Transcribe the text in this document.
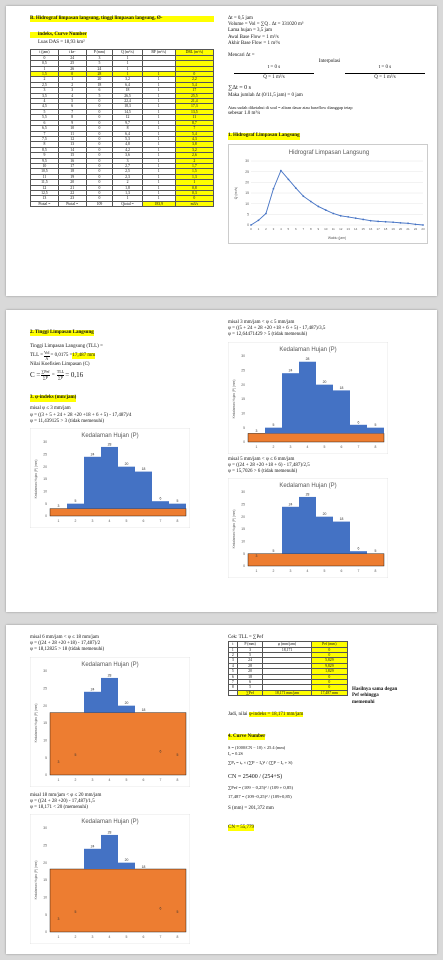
B. Hidrograf limpasan langsung, tinggi limpasan langsung, Ø-
indeks, Curve Number
Luas DAS = 18,93 km²
t (jam)	t ke-	P (mm)	Q (m³/s)	BF (m³/s)	DRL (m³/s)
0	24	3	1		
0,5	25	5	1		
1	26	24	1		
1,5	0	28	1	1	0
2	1	20	3,2	1	2,2
2,5	2	18	6,4	1	5,4
3	3	6	18	1	17
3,5	4	5	26,5	1	25,5
4	5	0	22,4	1	21,4
4,5	6	0	18,3	1	17,3
5	7	0	14,5	1	13,5
5,5	8	0	12	1	11
6	9	0	9,7	1	8,7
6,5	10	0	8	1	7
7	11	0	6,4	1	5,4
7,5	12	0	5,3	1	4,3
8	13	0	4,8	1	3,8
8,5	14	0	4,2	1	3,2
9	15	0	3,6	1	2,6
9,5	16	0	3	1	2
10	17	0	2,7	1	1,7
10,5	18	0	2,5	1	1,5
11	19	0	2,3	1	1,3
11,5	20	0	2	1	1
12	21	0	1,8	1	0,8
12,5	22	0	1,3	1	0,3
13	23	0	1	1	0
Ptotal =	Ptotal =	109	Qtotal =	183,9	m3/s
Δt = 0,5 jam
Volume = Vol = ∑Q . Δt = 331020 m³
Lama hujan = 3,5 jam
Awal Base Flow = 1 m³/s
Akhir Base Flow = 1 m³/s
Mencari Δt =
Interpolasi
t = 0 s
Q = 1 m³/s
t = 0 s
Q = 1 m³/s
∑Δt = 0 s
Maka jumlah Δt (0/11,5 jam) = 0 jam
Atau sudah diketahui di soal = aliran dasar atau baseflow dianggap tetap
sebesar 1.0 m³/s
1. Hidrograf Limpasan Langsung
Hidrograf Limpasan Langsung
0
5
10
15
20
25
30
0 1 2 3 4 5 6 7 8 9 10 11 12 13 14 15 16 17 18 19 20 21 22 23
Waktu (jam)
Q (m³/s)
2. Tinggi Limpasan Langsung
Tinggi Limpasan Langsung (TLL) =
TLL =
Vol
A
= 0,0175 = 17,487 mm
Nilai Koefisien Limpasan (C)
C = ∑Pef
∑P =
TLL
∑P = 0,16
3. φ-indeks (mm/jam)
misal φ ≤ 3 mm/jam
φ = ((3 + 5 + 24 + 28 +20 +18 + 6 + 5) - 17,487)/4
φ = 11,439125 > 3 (tidak memenuhi)
Kedalaman Hujan (P)
0
5
10
15
20
25
30
3
1
5
2
24
3
28
4
20
5
18
6
6
7
5
8
Kedalaman Hujan (P) (mm)
misal 3 mm/jam < φ ≤ 5 mm/jam
φ = ((5 + 24 + 28 +20 +18 + 6 + 5) - 17,487)/3,5
φ = 12,64471429 > 5 (tidak memenuhi)
Kedalaman Hujan (P)
0
5
10
15
20
25
30
3
1
5
2
24
3
28
4
20
5
18
6
6
7
5
8
Kedalaman Hujan (P) (mm)
misal 5 mm/jam < φ ≤ 6 mm/jam
φ = ((24 + 28 +20 +18 + 6) - 17,487)/2,5
φ = 15,7026 > 6 (tidak memenuhi)
Kedalaman Hujan (P)
0
5
10
15
20
25
30
3
1
5
2
24
3
28
4
20
5
18
6
6
7
5
8
Kedalaman Hujan (P) (mm)
misal 6 mm/jam < φ ≤ 18 mm/jam
φ = ((24 + 28 +20 +18) - 17,487)/2
φ = 18,12825 > 18 (tidak memenuhi)
Kedalaman Hujan (P)
0
5
10
15
20
25
30
3
1
5
2
24
3
28
4
20
5
18
6
6
7
5
8
Kedalaman Hujan (P) (mm)
misal 18 mm/jam < φ ≤ 20 mm/jam
φ = ((24 + 28 +20) - 17,487)/1,5
φ = 18,171 < 20 (memenuhi)
Kedalaman Hujan (P)
0
5
10
15
20
25
30
3
1
5
2
24
3
28
4
20
5
18
6
6
7
5
8
Kedalaman Hujan (P) (mm)
Cek: TLL = ∑Pef
t	P (mm)	φ (mm/jam)	Pef (mm)
1	3	18,171	0
2	5		0
3	24		5,829
4	28		9,829
5	20		1,829
6	18		0
7	6		0
8	5		0
	∑Pef	18,171 mm/jam	17,487 mm
Hasilnya sama degan
Pef sehingga
memenuhi
Jadi, nilai φ-indeks = 18,171 mm/jam
4. Curve Number
S = (1000/CN − 10) × 25.4 (mm)
Iₐ = 0.2S
∑Pₑ = tₑ × (∑P − Iₐ)² / (∑P − Iₐ + S)
CN = 25400 / (254+S)
∑Pef = (109 − 0,25)² / (109 + 0,85)
17,487 = (109−0,25)² / (109+0,85)
S (mm) = 201,372 mm
CN = 55,779
